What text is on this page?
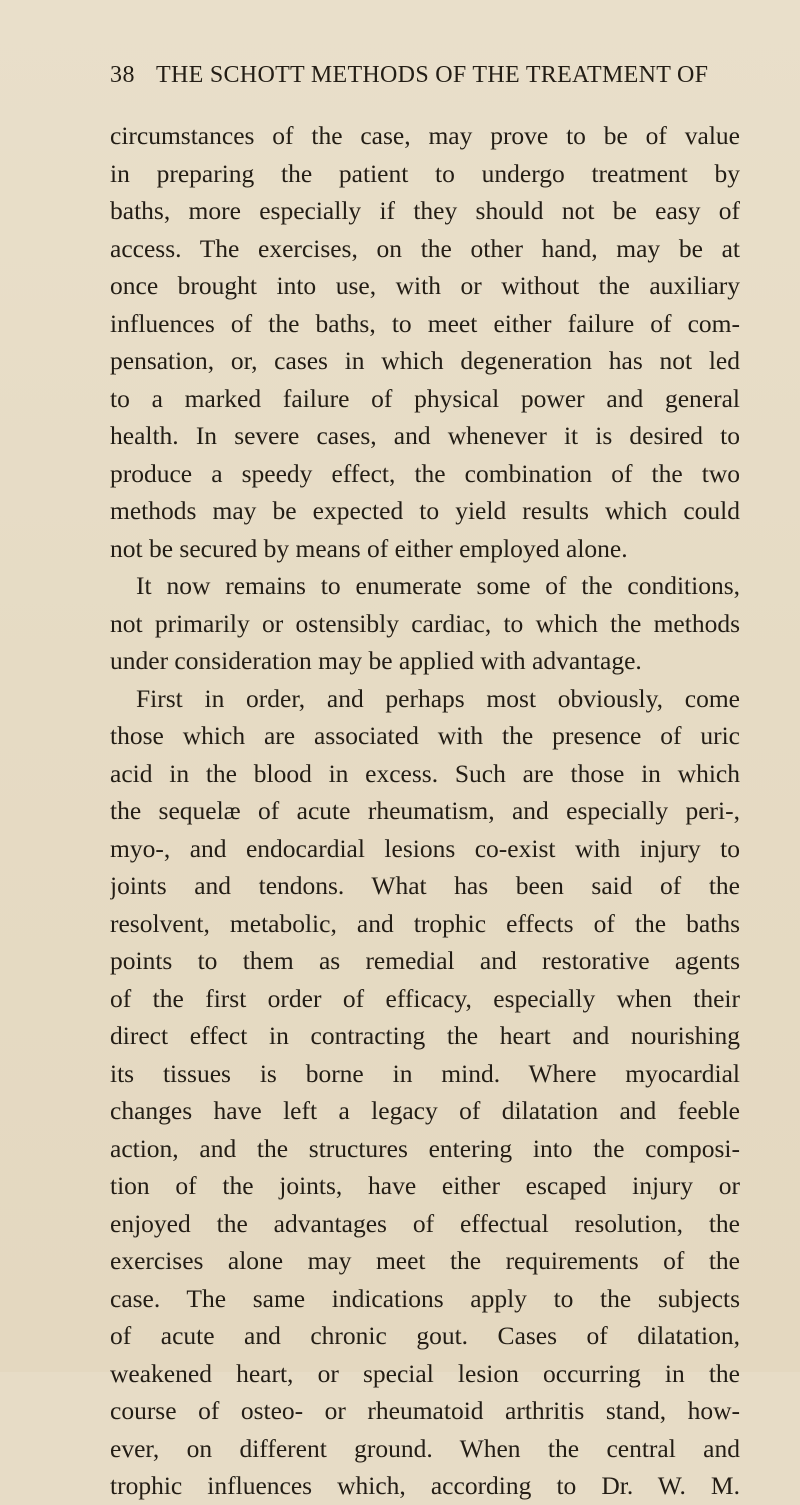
38 THE SCHOTT METHODS OF THE TREATMENT OF
circumstances of the case, may prove to be of value
in preparing the patient to undergo treatment by
baths, more especially if they should not be easy of
access. The exercises, on the other hand, may be at
once brought into use, with or without the auxiliary
influences of the baths, to meet either failure of com-
pensation, or, cases in which degeneration has not led
to a marked failure of physical power and general
health. In severe cases, and whenever it is desired to
produce a speedy effect, the combination of the two
methods may be expected to yield results which could
not be secured by means of either employed alone.
It now remains to enumerate some of the conditions,
not primarily or ostensibly cardiac, to which the methods
under consideration may be applied with advantage.
First in order, and perhaps most obviously, come
those which are associated with the presence of uric
acid in the blood in excess. Such are those in which
the sequelæ of acute rheumatism, and especially peri-,
myo-, and endocardial lesions co-exist with injury to
joints and tendons. What has been said of the
resolvent, metabolic, and trophic effects of the baths
points to them as remedial and restorative agents
of the first order of efficacy, especially when their
direct effect in contracting the heart and nourishing
its tissues is borne in mind. Where myocardial
changes have left a legacy of dilatation and feeble
action, and the structures entering into the composi-
tion of the joints, have either escaped injury or
enjoyed the advantages of effectual resolution, the
exercises alone may meet the requirements of the
case. The same indications apply to the subjects
of acute and chronic gout. Cases of dilatation,
weakened heart, or special lesion occurring in the
course of osteo- or rheumatoid arthritis stand, how-
ever, on different ground. When the central and
trophic influences which, according to Dr. W. M.
